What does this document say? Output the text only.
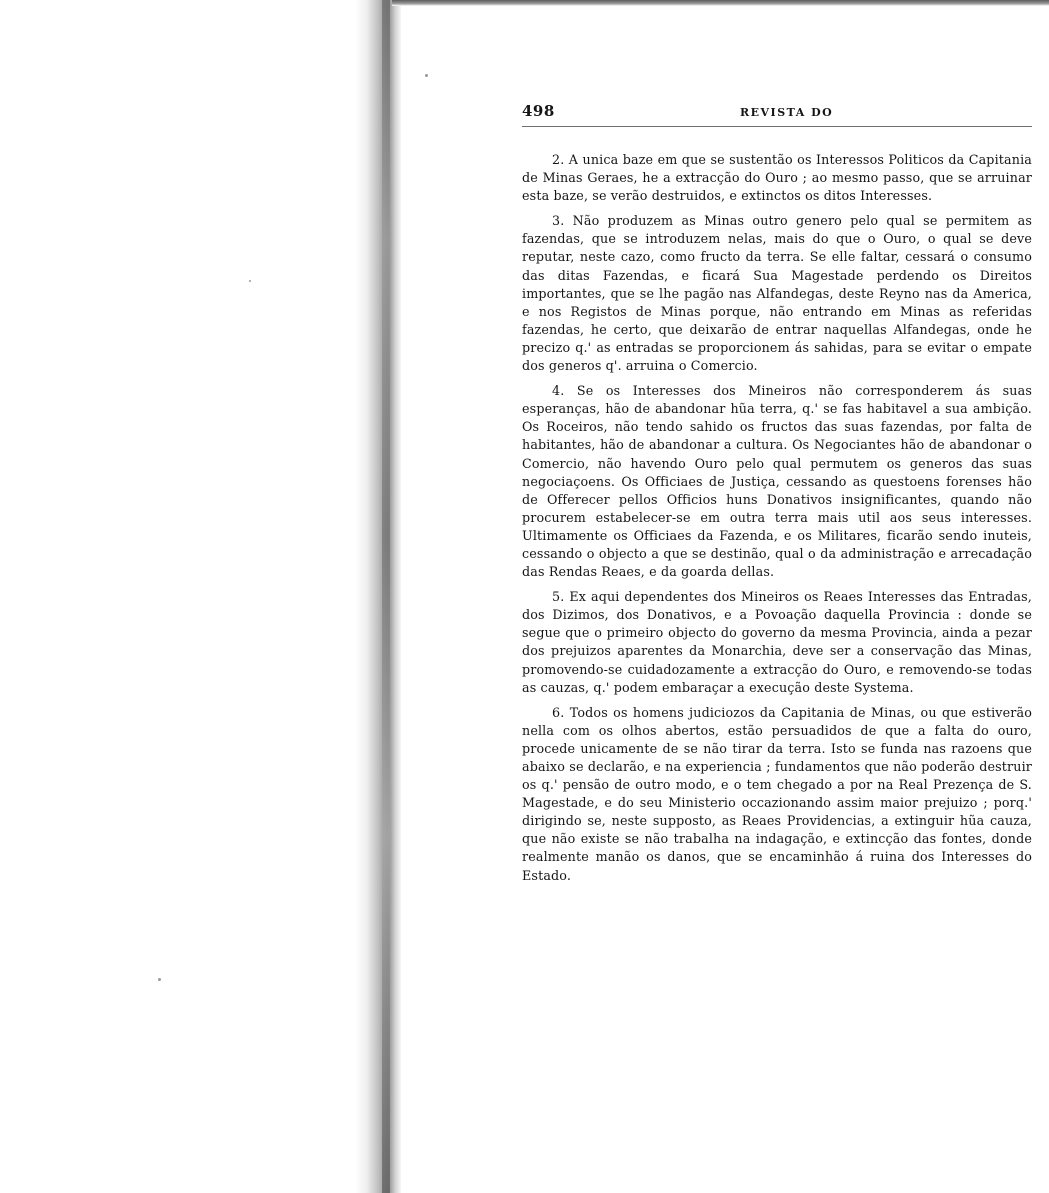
498	REVISTA DO

2. A unica baze em que se sustentão os Interessos Politicos da Capitania de Minas Geraes, he a extracção do Ouro ; ao mesmo passo, que se arruinar esta baze, se verão destruidos, e extinctos os ditos Interesses.

3. Não produzem as Minas outro genero pelo qual se permitem as fazendas, que se introduzem nelas, mais do que o Ouro, o qual se deve reputar, neste cazo, como fructo da terra. Se elle faltar, cessará o consumo das ditas Fazendas, e ficará Sua Magestade perdendo os Direitos importantes, que se lhe pagão nas Alfandegas, deste Reyno nas da America, e nos Registos de Minas porque, não entrando em Minas as referidas fazendas, he certo, que deixarão de entrar naquellas Alfandegas, onde he precizo q.' as entradas se proporcionem ás sahidas, para se evitar o empate dos generos q'. arruina o Comercio.

4. Se os Interesses dos Mineiros não corresponderem ás suas esperanças, hão de abandonar hũa terra, q.' se fas habitavel a sua ambição. Os Roceiros, não tendo sahido os fructos das suas fazendas, por falta de habitantes, hão de abandonar a cultura. Os Negociantes hão de abandonar o Comercio, não havendo Ouro pelo qual permutem os generos das suas negociaçoens. Os Officiaes de Justiça, cessando as questoens forenses hão de Offerecer pellos Officios huns Donativos insignificantes, quando não procurem estabelecer-se em outra terra mais util aos seus interesses. Ultimamente os Officiaes da Fazenda, e os Militares, ficarão sendo inuteis, cessando o objecto a que se destinão, qual o da administração e arrecadação das Rendas Reaes, e da goarda dellas.

5. Ex aqui dependentes dos Mineiros os Reaes Interesses das Entradas, dos Dizimos, dos Donativos, e a Povoação daquella Provincia : donde se segue que o primeiro objecto do governo da mesma Provincia, ainda a pezar dos prejuizos aparentes da Monarchia, deve ser a conservação das Minas, promovendo-se cuidadozamente a extracção do Ouro, e removendo-se todas as cauzas, q.' podem embaraçar a execução deste Systema.

6. Todos os homens judiciozos da Capitania de Minas, ou que estiverão nella com os olhos abertos, estão persuadidos de que a falta do ouro, procede unicamente de se não tirar da terra. Isto se funda nas razoens que abaixo se declarão, e na experiencia ; fundamentos que não poderão destruir os q.' pensão de outro modo, e o tem chegado a por na Real Prezença de S. Magestade, e do seu Ministerio occazionando assim maior prejuizo ; porq.' dirigindo se, neste supposto, as Reaes Providencias, a extinguir hũa cauza, que não existe se não trabalha na indagação, e extincção das fontes, donde realmente manão os danos, que se encaminhão á ruina dos Interesses do Estado.
